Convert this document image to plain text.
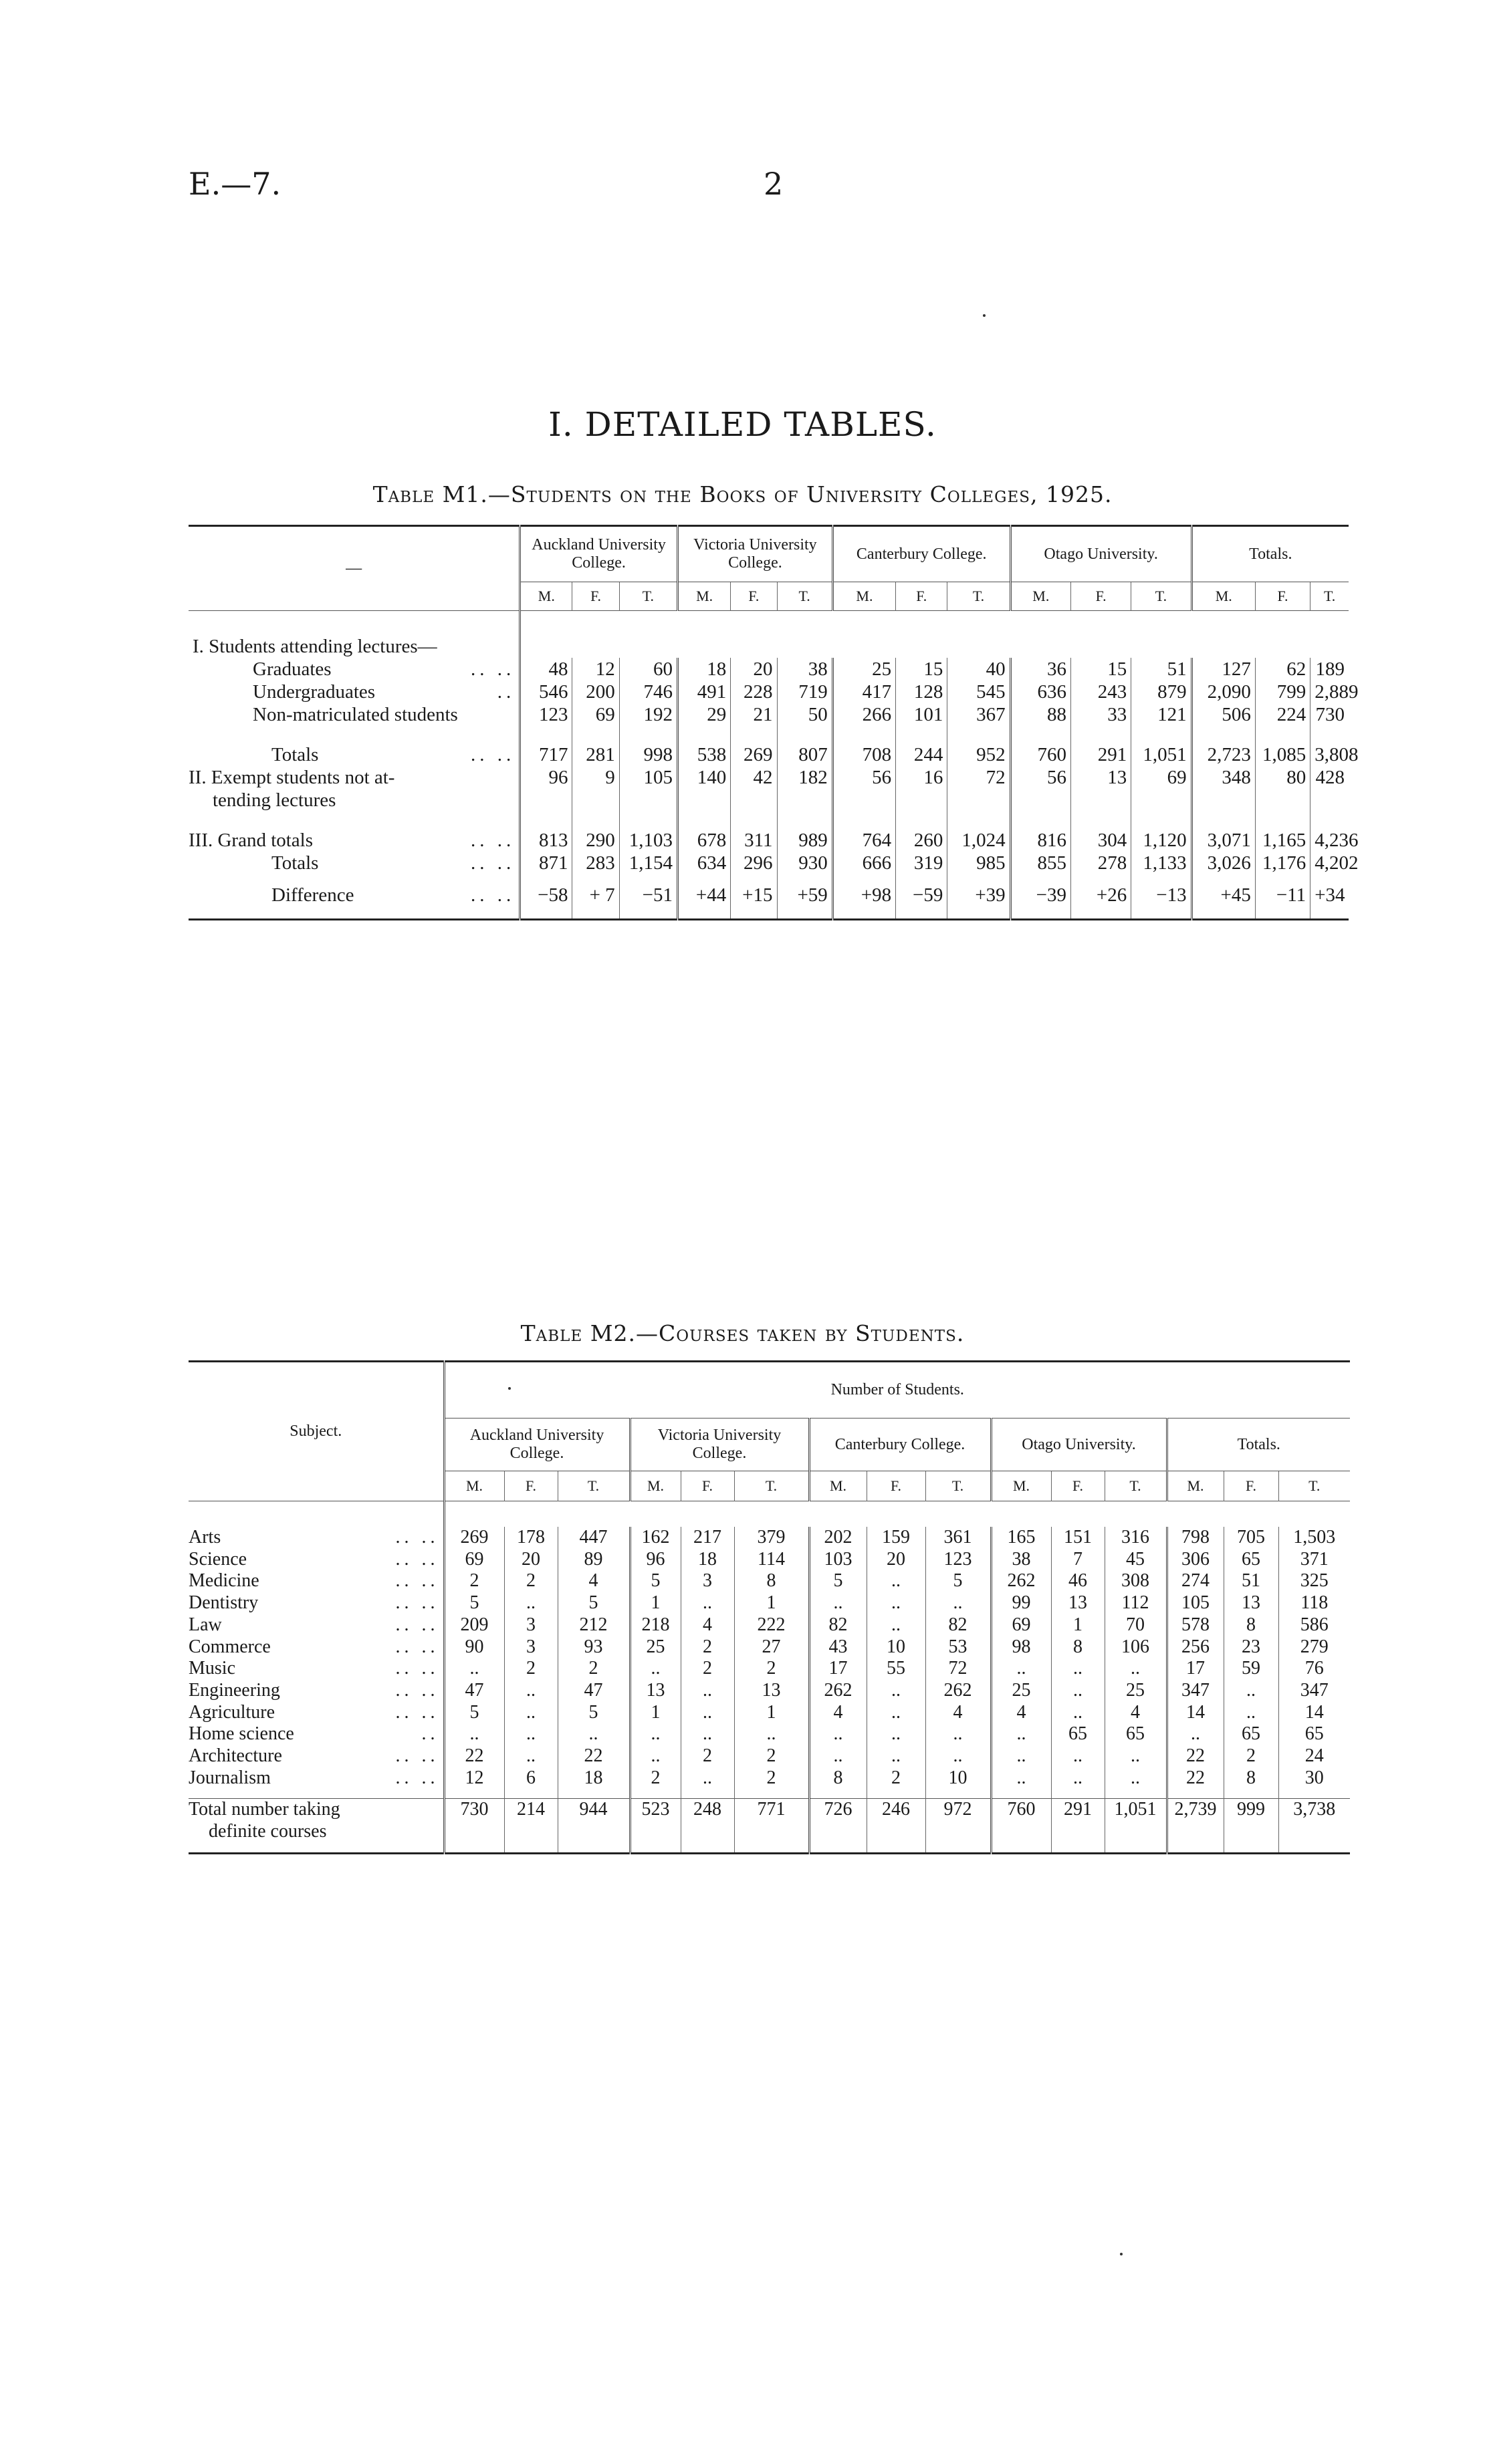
E.—7.	2
I. DETAILED TABLES.
Table M1.—Students on the Books of University Colleges, 1925.
—	Auckland University College.			Victoria University College.			Canterbury College.			Otago University.			Totals.		
	M.	F.	T.	M.	F.	T.	M.	F.	T.	M.	F.	T.	M.	F.	T.

I. Students attending lectures—															
Graduates .. ..	48	12	60	18	20	38	25	15	40	36	15	51	127	62	189
Undergraduates ..	546	200	746	491	228	719	417	128	545	636	243	879	2,090	799	2,889
Non-matriculated students	123	69	192	29	21	50	266	101	367	88	33	121	506	224	730

Totals .. ..	717	281	998	538	269	807	708	244	952	760	291	1,051	2,723	1,085	3,808
II. Exempt students not at-
tending lectures	96	9	105	140	42	182	56	16	72	56	13	69	348	80	428

III. Grand totals .. ..	813	290	1,103	678	311	989	764	260	1,024	816	304	1,120	3,071	1,165	4,236
Totals .. ..	871	283	1,154	634	296	930	666	319	985	855	278	1,133	3,026	1,176	4,202

Difference .. ..	−58	+ 7	−51	+44	+15	+59	+98	−59	+39	−39	+26	−13	+45	−11	+34

Table M2.—Courses taken by Students.
Subject.	Number of Students.														
	Auckland University College.			Victoria University College.			Canterbury College.			Otago University.			Totals.		
	M.	F.	T.	M.	F.	T.	M.	F.	T.	M.	F.	T.	M.	F.	T.

Arts .. ..	269	178	447	162	217	379	202	159	361	165	151	316	798	705	1,503
Science .. ..	69	20	89	96	18	114	103	20	123	38	7	45	306	65	371
Medicine .. ..	2	2	4	5	3	8	5	..	5	262	46	308	274	51	325
Dentistry .. ..	5	..	5	1	..	1	..	..	..	99	13	112	105	13	118
Law .. ..	209	3	212	218	4	222	82	..	82	69	1	70	578	8	586
Commerce .. ..	90	3	93	25	2	27	43	10	53	98	8	106	256	23	279
Music .. ..	..	2	2	..	2	2	17	55	72	..	..	..	17	59	76
Engineering .. ..	47	..	47	13	..	13	262	..	262	25	..	25	347	..	347
Agriculture .. ..	5	..	5	1	..	1	4	..	4	4	..	4	14	..	14
Home science ..	..	..	..	..	..	..	..	..	..	..	65	65	..	65	65
Architecture .. ..	22	..	22	..	2	2	..	..	..	..	..	..	22	2	24
Journalism .. ..	12	6	18	2	..	2	8	2	10	..	..	..	22	8	30

Total number taking
definite courses	730	214	944	523	248	771	726	246	972	760	291	1,051	2,739	999	3,738
